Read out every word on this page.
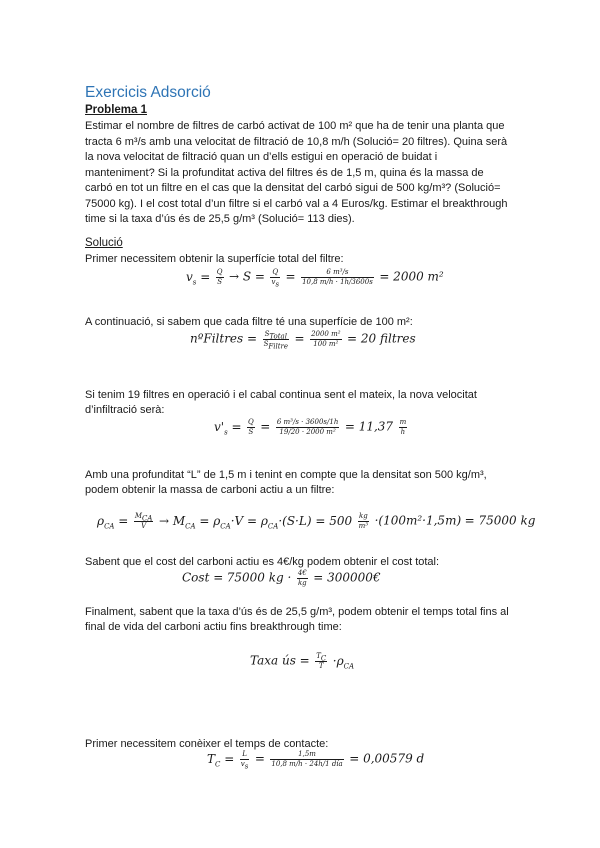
Exercicis Adsorció
Problema 1
Estimar el nombre de filtres de carbó activat de 100 m² que ha de tenir una planta que
tracta 6 m³/s amb una velocitat de filtració de 10,8 m/h (Solució= 20 filtres). Quina serà
la nova velocitat de filtració quan un d’ells estigui en operació de buidat i
manteniment? Si la profunditat activa del filtres és de 1,5 m, quina és la massa de
carbó en tot un filtre en el cas que la densitat del carbó sigui de 500 kg/m³? (Solució=
75000 kg). I el cost total d’un filtre si el carbó val a 4 Euros/kg. Estimar el breakthrough
time si la taxa d’ús és de 25,5 g/m³ (Solució= 113 dies).
Solució
Primer necessitem obtenir la superfície total del filtre:
$v_s = \frac{Q}{S} \to S = \frac{Q}{v_s} = \frac{\text{6 m³/s}}{10,8 m/h \cdot 1h/3600s} = 2000$ m²
A continuació, si sabem que cada filtre té una superfície de 100 m²:
nºFiltres = $\frac{S_{Total}}{S_{Filtre}} = \frac{\text{2000 m²}}{\text{100 m²}} = 20$ filtres
Si tenim 19 filtres en operació i el cabal continua sent el mateix, la nova velocitat
d’infiltració serà:
$v'_s = \frac{Q}{S} = \frac{\text{6 m³/s · 3600s/1h}}{\text{19/20 · 2000 m²}} = 11,37 \frac{m}{h}$
Amb una profunditat “L” de 1,5 m i tenint en compte que la densitat son 500 kg/m³,
podem obtenir la massa de carboni actiu a un filtre:
$\rho_{CA} = \frac{M_{CA}}{V} \to M_{CA} = \rho_{CA}\cdot V = \rho_{CA}\cdot(S\cdot L) = 500 \frac{kg}{\text{m³}} \cdot(100m^2\cdot 1,5m) = 75000$ kg
Sabent que el cost del carboni actiu es 4€/kg podem obtenir el cost total:
Cost = 75000 kg · $\frac{4€}{kg}$ = 300000€
Finalment, sabent que la taxa d’ús és de 25,5 g/m³, podem obtenir el temps total fins al
final de vida del carboni actiu fins breakthrough time:
Taxa ús = $\frac{T_C}{T} \cdot\rho_{CA}$
Primer necessitem conèixer el temps de contacte:
$T_C = \frac{L}{v_s} = \frac{1,5m}{\text{10,8 m/h · 24h/1 día}} = 0,00579$ d
